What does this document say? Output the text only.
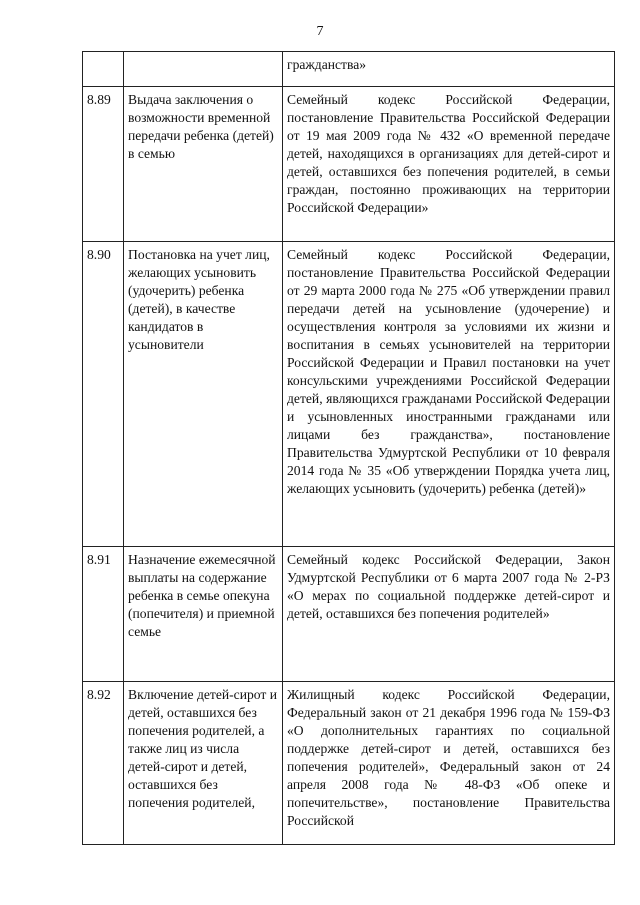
7

		гражданства»

8.89	Выдача заключения о возможности временной передачи ребенка (детей) в семью	Семейный кодекс Российской Федерации, постановление Правительства Российской Федерации от 19 мая 2009 года № 432 «О временной передаче детей, находящихся в организациях для детей-сирот и детей, оставшихся без попечения родителей, в семьи граждан, постоянно проживающих на территории Российской Федерации»

8.90	Постановка на учет лиц, желающих усыновить (удочерить) ребенка (детей), в качестве кандидатов в усыновители	Семейный кодекс Российской Федерации, постановление Правительства Российской Федерации от 29 марта 2000 года № 275 «Об утверждении правил передачи детей на усыновление (удочерение) и осуществления контроля за условиями их жизни и воспитания в семьях усыновителей на территории Российской Федерации и Правил постановки на учет консульскими учреждениями Российской Федерации детей, являющихся гражданами Российской Федерации и усыновленных иностранными гражданами или лицами без гражданства», постановление Правительства Удмуртской Республики от 10 февраля 2014 года № 35 «Об утверждении Порядка учета лиц, желающих усыновить (удочерить) ребенка (детей)»

8.91	Назначение ежемесячной выплаты на содержание ребенка в семье опекуна (попечителя) и приемной семье	Семейный кодекс Российской Федерации, Закон Удмуртской Республики от 6 марта 2007 года № 2-РЗ «О мерах по социальной поддержке детей-сирот и детей, оставшихся без попечения родителей»

8.92	Включение детей-сирот и детей, оставшихся без попечения родителей, а также лиц из числа детей-сирот и детей, оставшихся без попечения родителей,	Жилищный кодекс Российской Федерации, Федеральный закон от 21 декабря 1996 года № 159-ФЗ «О дополнительных гарантиях по социальной поддержке детей-сирот и детей, оставшихся без попечения родителей», Федеральный закон от 24 апреля 2008 года № 48-ФЗ «Об опеке и попечительстве», постановление Правительства Российской
